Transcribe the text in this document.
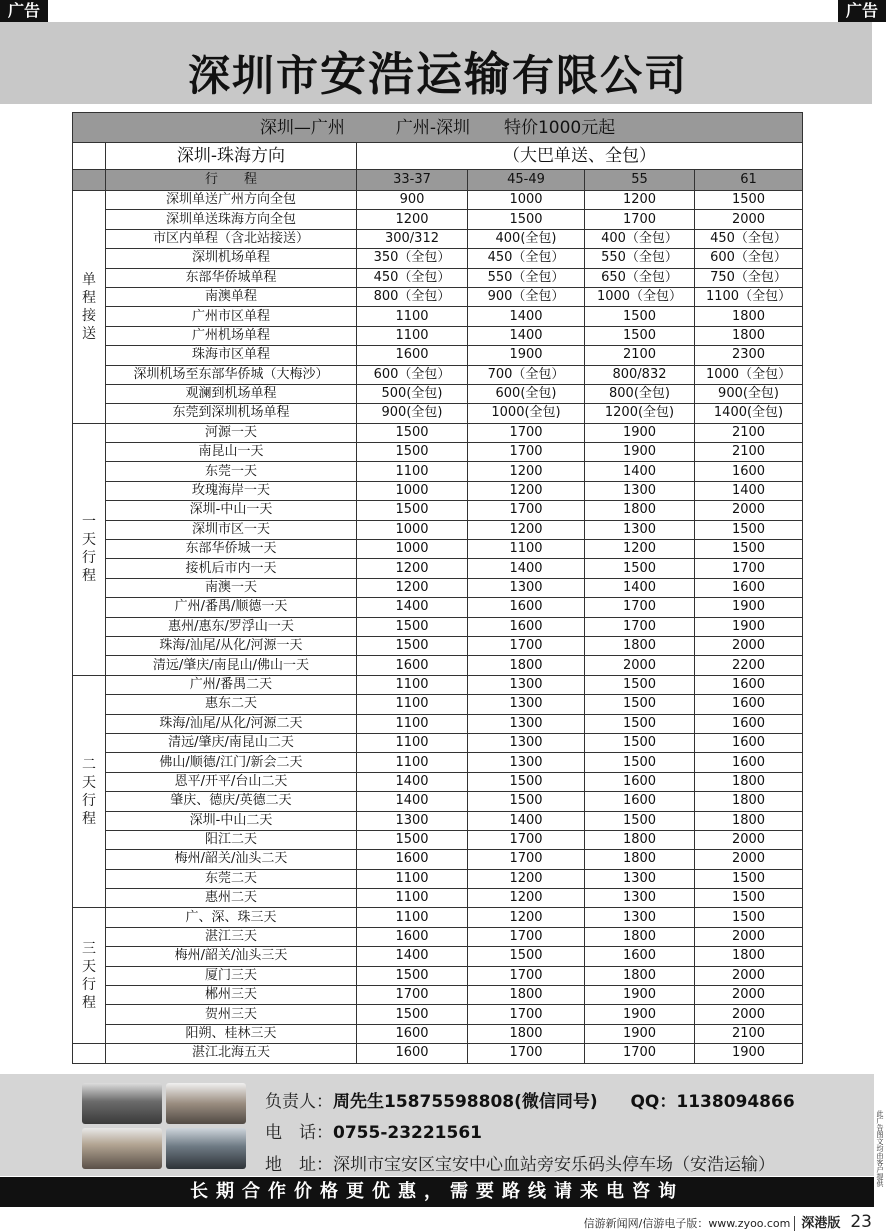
广告	广告
深圳市安浩运输有限公司
此广告图文均由客户提供
深圳—广州　　　广州-深圳　　特价1000元起					
	深圳-珠海方向	（大巴单送、全包）			
	行　　程	33-37	45-49	55	61
单
程
接
送	深圳单送广州方向全包	900	1000	1200	1500
	深圳单送珠海方向全包	1200	1500	1700	2000
	市区内单程（含北站接送）	300/312	400(全包)	400（全包）	450（全包）
	深圳机场单程	350（全包）	450（全包）	550（全包）	600（全包）
	东部华侨城单程	450（全包）	550（全包）	650（全包）	750（全包）
	南澳单程	800（全包）	900（全包）	1000（全包）	1100（全包）
	广州市区单程	1100	1400	1500	1800
	广州机场单程	1100	1400	1500	1800
	珠海市区单程	1600	1900	2100	2300
	深圳机场至东部华侨城（大梅沙）	600（全包）	700（全包）	800/832	1000（全包）
	观澜到机场单程	500(全包)	600(全包)	800(全包)	900(全包)
	东莞到深圳机场单程	900(全包)	1000(全包)	1200(全包)	1400(全包)
一
天
行
程	河源一天	1500	1700	1900	2100
	南昆山一天	1500	1700	1900	2100
	东莞一天	1100	1200	1400	1600
	玫瑰海岸一天	1000	1200	1300	1400
	深圳-中山一天	1500	1700	1800	2000
	深圳市区一天	1000	1200	1300	1500
	东部华侨城一天	1000	1100	1200	1500
	接机后市内一天	1200	1400	1500	1700
	南澳一天	1200	1300	1400	1600
	广州/番禺/顺德一天	1400	1600	1700	1900
	惠州/惠东/罗浮山一天	1500	1600	1700	1900
	珠海/汕尾/从化/河源一天	1500	1700	1800	2000
	清远/肇庆/南昆山/佛山一天	1600	1800	2000	2200
二
天
行
程	广州/番禺二天	1100	1300	1500	1600
	惠东二天	1100	1300	1500	1600
	珠海/汕尾/从化/河源二天	1100	1300	1500	1600
	清远/肇庆/南昆山二天	1100	1300	1500	1600
	佛山/顺德/江门/新会二天	1100	1300	1500	1600
	恩平/开平/台山二天	1400	1500	1600	1800
	肇庆、德庆/英德二天	1400	1500	1600	1800
	深圳-中山二天	1300	1400	1500	1800
	阳江二天	1500	1700	1800	2000
	梅州/韶关/汕头二天	1600	1700	1800	2000
	东莞二天	1100	1200	1300	1500
	惠州二天	1100	1200	1300	1500
三
天
行
程	广、深、珠三天	1100	1200	1300	1500
	湛江三天	1600	1700	1800	2000
	梅州/韶关/汕头三天	1400	1500	1600	1800
	厦门三天	1500	1700	1800	2000
	郴州三天	1700	1800	1900	2000
	贺州三天	1500	1700	1900	2000
	阳朔、桂林三天	1600	1800	1900	2100
	湛江北海五天	1600	1700	1700	1900
负责人：周先生15875598808(微信同号) QQ：1138094866
电　话：0755-23221561
地　址：深圳市宝安区宝安中心血站旁安乐码头停车场（安浩运输）
长期合作价格更优惠，需要路线请来电咨询
信游新闻网/信游电子版：www.zyoo.com 深港版 23
